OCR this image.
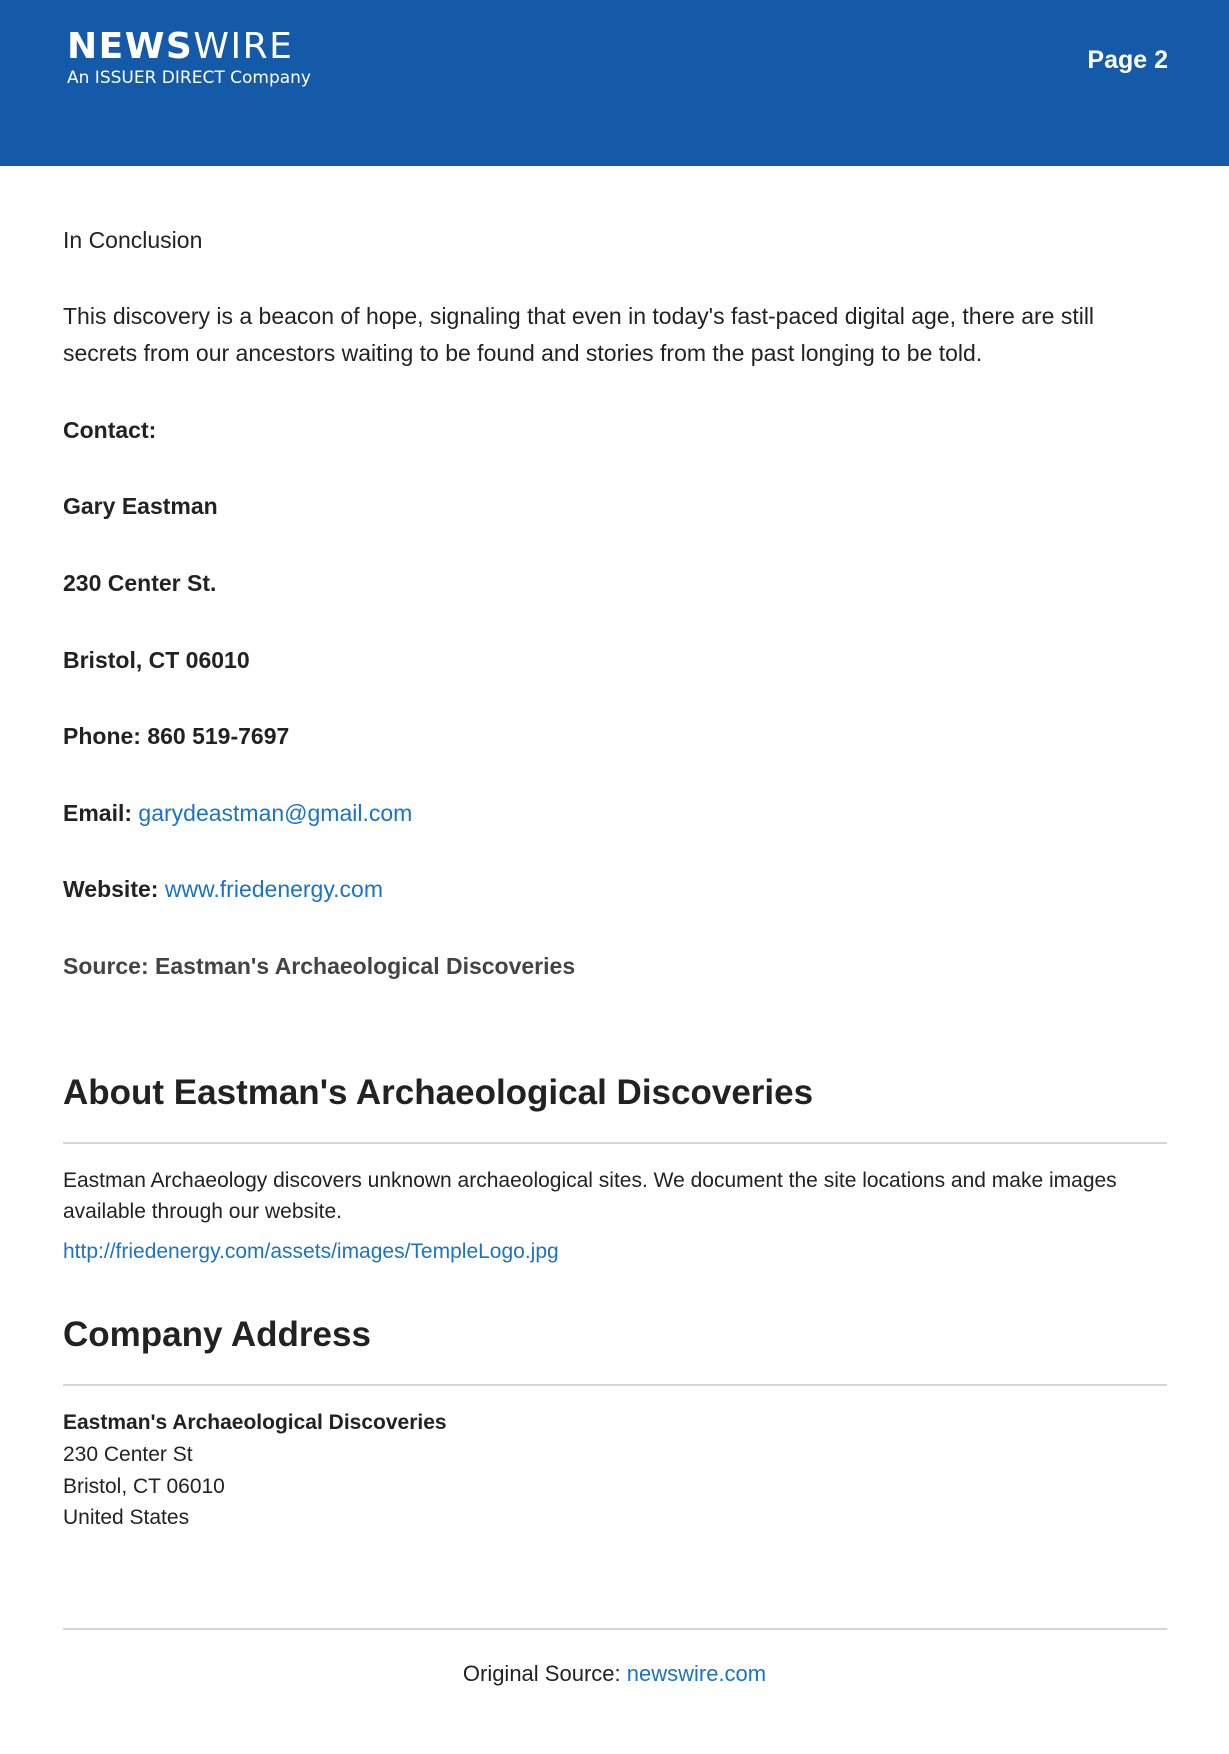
NEWSWIRE
An ISSUER DIRECT Company
Page 2
In Conclusion
This discovery is a beacon of hope, signaling that even in today's fast-paced digital age, there are still secrets from our ancestors waiting to be found and stories from the past longing to be told.
Contact:
Gary Eastman
230 Center St.
Bristol, CT 06010
Phone: 860 519-7697
Email: garydeastman@gmail.com
Website: www.friedenergy.com
Source: Eastman's Archaeological Discoveries
About Eastman's Archaeological Discoveries
Eastman Archaeology discovers unknown archaeological sites. We document the site locations and make images available through our website.
http://friedenergy.com/assets/images/TempleLogo.jpg
Company Address
Eastman's Archaeological Discoveries
230 Center St
Bristol, CT 06010
United States
Original Source: newswire.com
